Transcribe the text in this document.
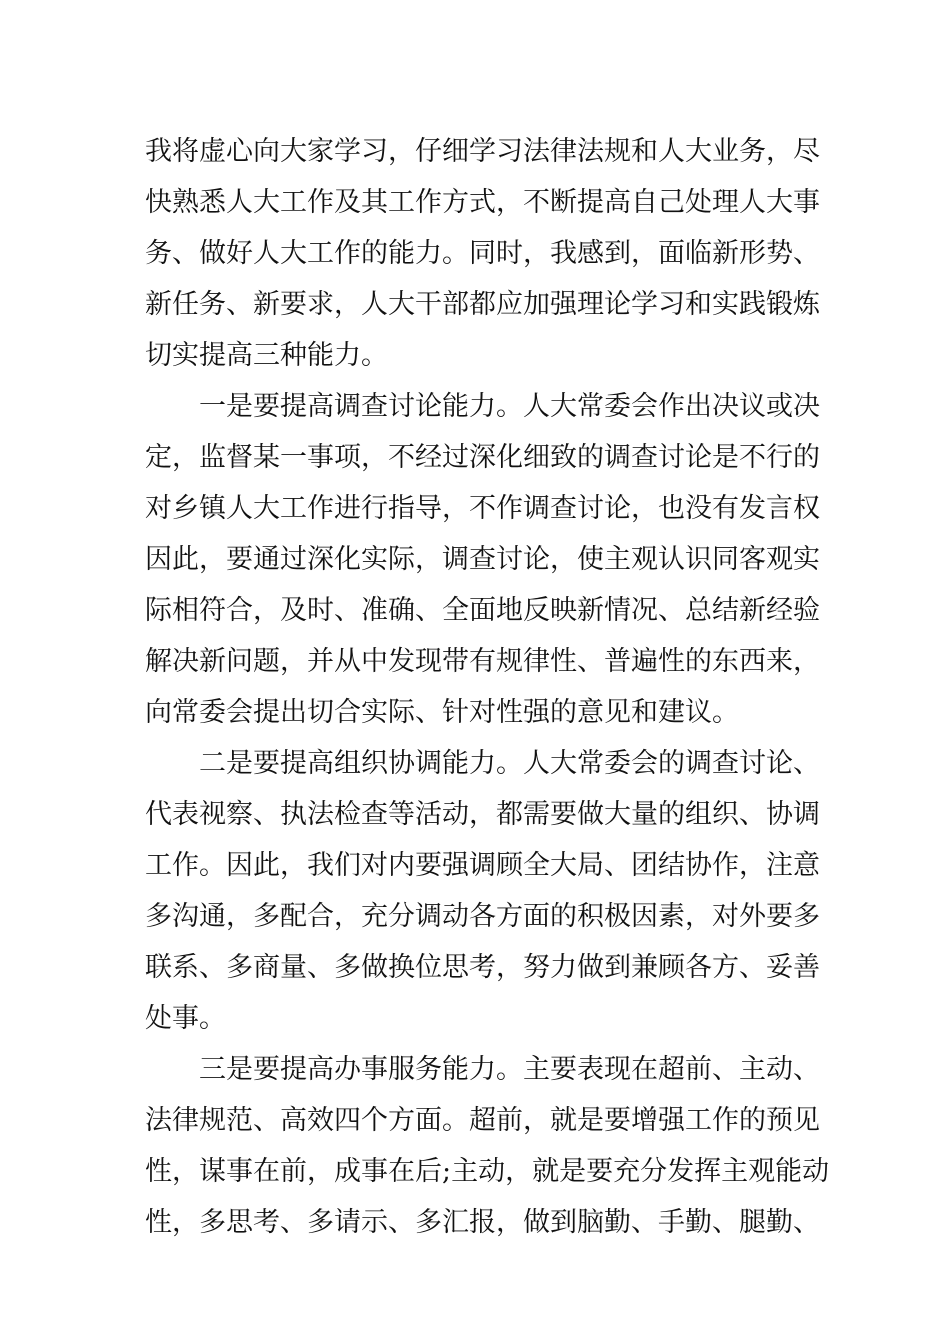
我将虚心向大家学习，仔细学习法律法规和人大业务，尽
快熟悉人大工作及其工作方式，不断提高自己处理人大事
务、做好人大工作的能力。同时，我感到，面临新形势、
新任务、新要求，人大干部都应加强理论学习和实践锻炼
切实提高三种能力。
一是要提高调查讨论能力。人大常委会作出决议或决
定，监督某一事项，不经过深化细致的调查讨论是不行的
对乡镇人大工作进行指导，不作调查讨论，也没有发言权
因此，要通过深化实际，调查讨论，使主观认识同客观实
际相符合，及时、准确、全面地反映新情况、总结新经验
解决新问题，并从中发现带有规律性、普遍性的东西来，
向常委会提出切合实际、针对性强的意见和建议。
二是要提高组织协调能力。人大常委会的调查讨论、
代表视察、执法检查等活动，都需要做大量的组织、协调
工作。因此，我们对内要强调顾全大局、团结协作，注意
多沟通，多配合，充分调动各方面的积极因素，对外要多
联系、多商量、多做换位思考，努力做到兼顾各方、妥善
处事。
三是要提高办事服务能力。主要表现在超前、主动、
法律规范、高效四个方面。超前，就是要增强工作的预见
性，谋事在前，成事在后;主动，就是要充分发挥主观能动
性，多思考、多请示、多汇报，做到脑勤、手勤、腿勤、
